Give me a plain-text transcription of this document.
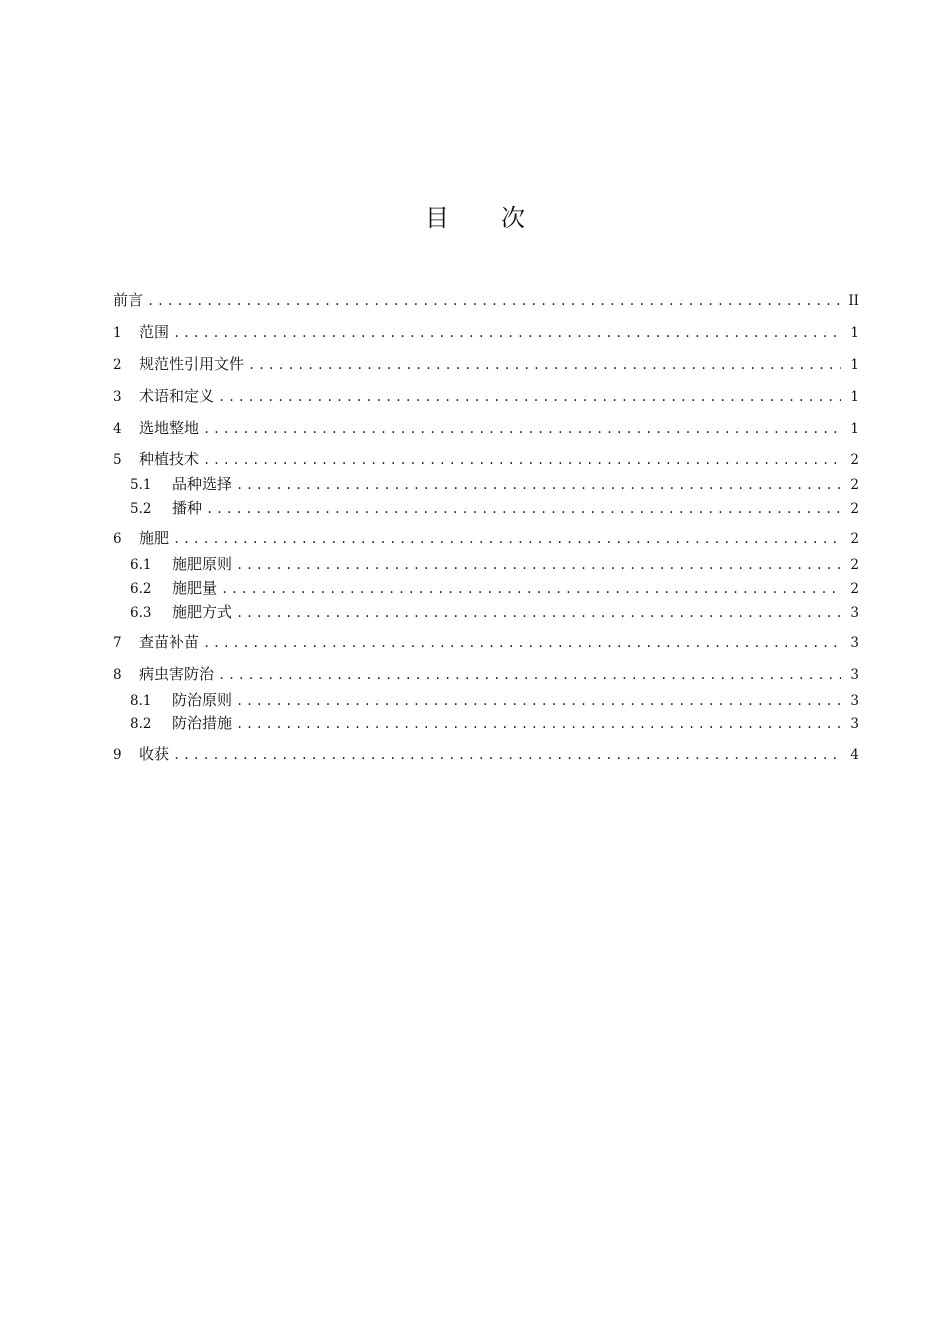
目 次
前言 .....	II
1	范围 .....	1
2	规范性引用文件 .....	1
3	术语和定义 .....	1
4	选地整地 .....	1
5	种植技术 .....	2
5.1	品种选择 .....	2
5.2	播种 .....	2
6	施肥 .....	2
6.1	施肥原则 .....	2
6.2	施肥量 .....	2
6.3	施肥方式 .....	3
7	查苗补苗 .....	3
8	病虫害防治 .....	3
8.1	防治原则 .....	3
8.2	防治措施 .....	3
9	收获 .....	4
